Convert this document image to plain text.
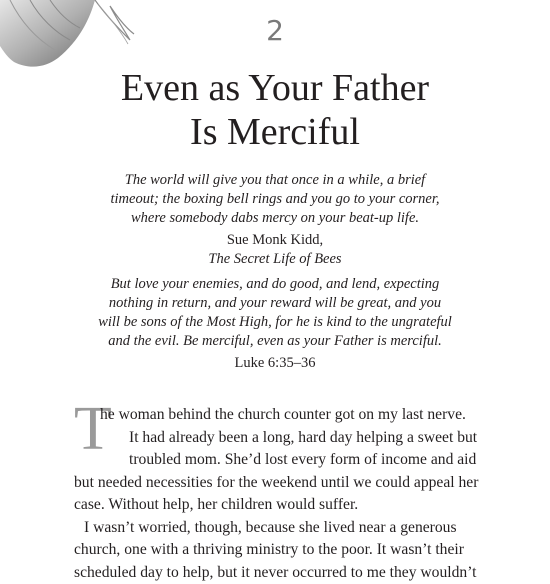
2
Even as Your Father
Is Merciful
The world will give you that once in a while, a brief
timeout; the boxing bell rings and you go to your corner,
where somebody dabs mercy on your beat-up life.
Sue Monk Kidd,
The Secret Life of Bees
But love your enemies, and do good, and lend, expecting
nothing in return, and your reward will be great, and you
will be sons of the Most High, for he is kind to the ungrateful
and the evil. Be merciful, even as your Father is merciful.
Luke 6:35–36
T
he woman behind the church counter got on my last nerve.
It had already been a long, hard day helping a sweet but
troubled mom. She’d lost every form of income and aid
but needed necessities for the weekend until we could appeal her
case. Without help, her children would suffer.
I wasn’t worried, though, because she lived near a generous
church, one with a thriving ministry to the poor. It wasn’t their
scheduled day to help, but it never occurred to me they wouldn’t
